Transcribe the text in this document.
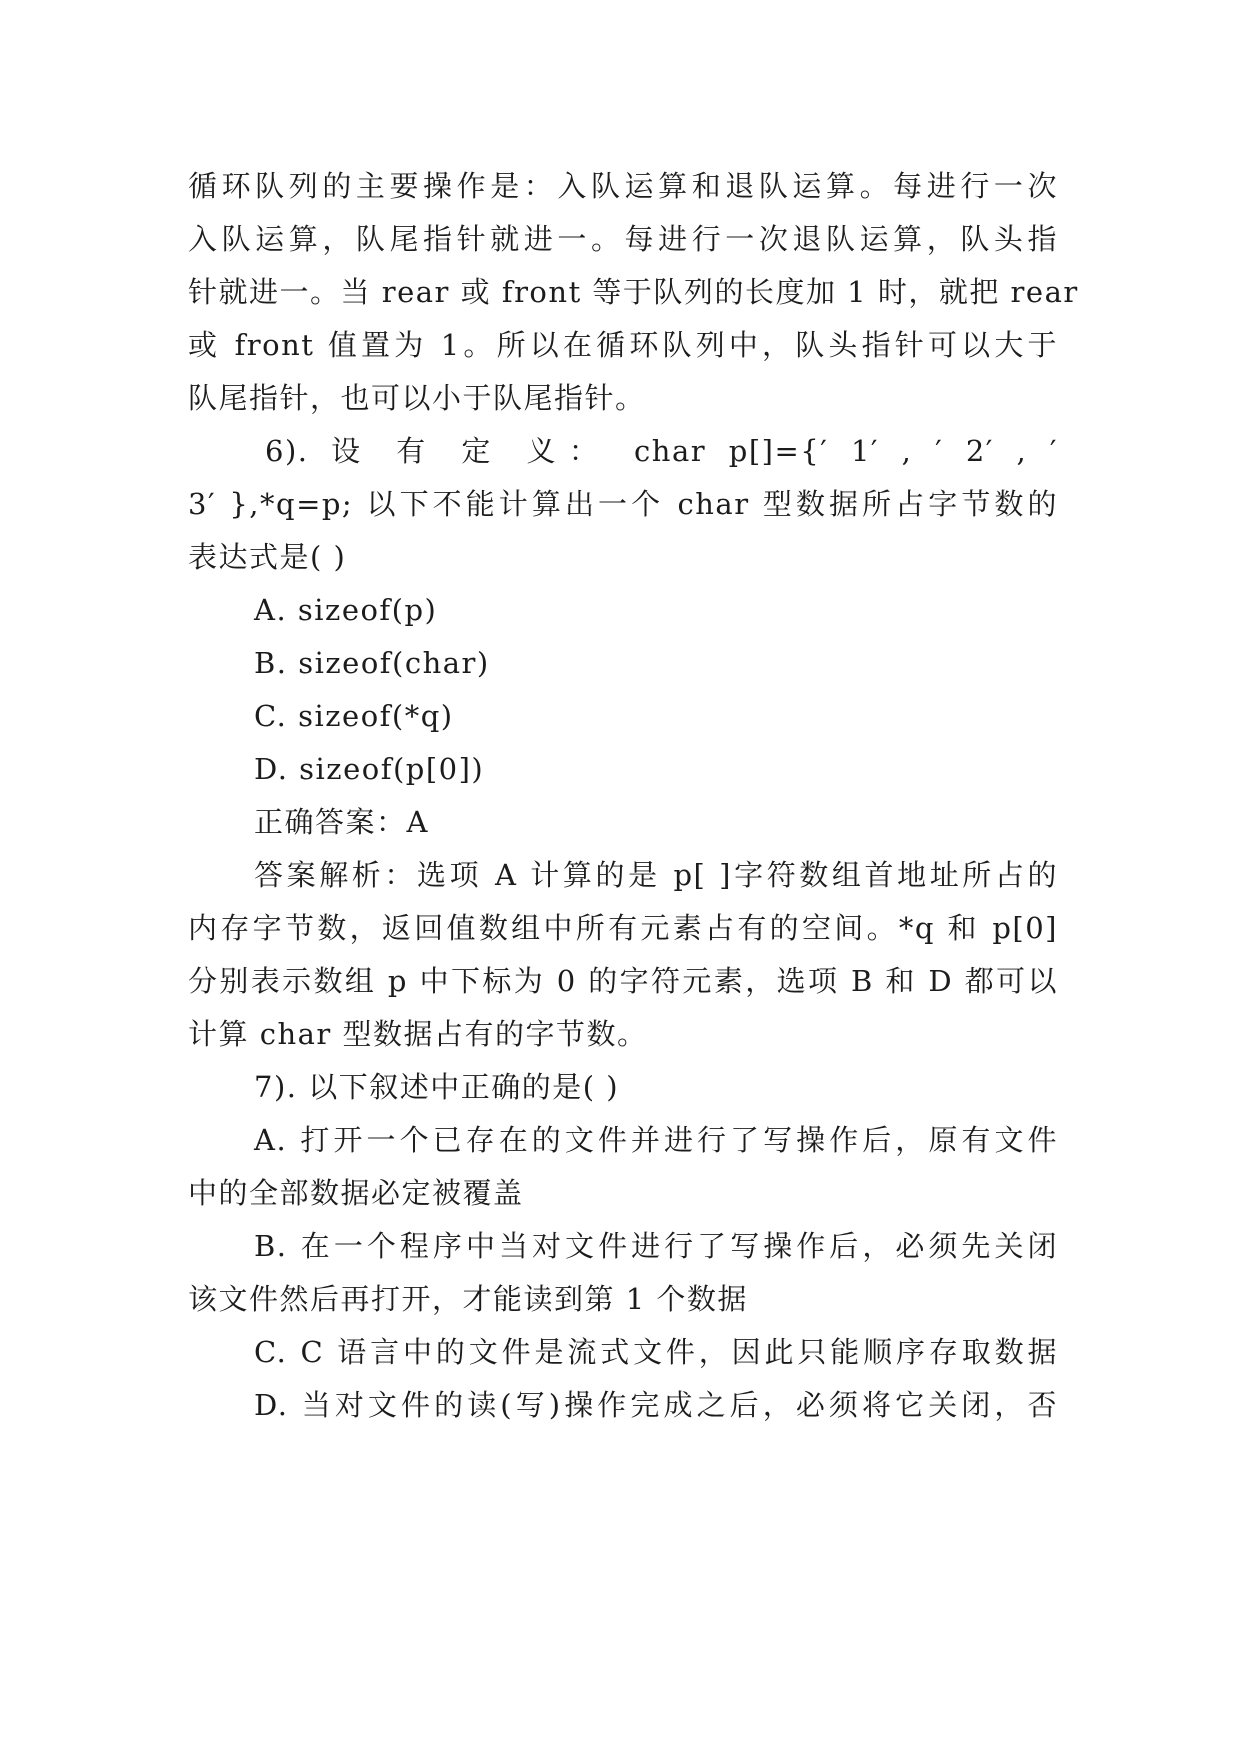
循环队列的主要操作是：入队运算和退队运算。每进行一次
入队运算，队尾指针就进一。每进行一次退队运算，队头指
针就进一。当 rear 或 front 等于队列的长度加 1 时，就把 rear
或 front 值置为 1。所以在循环队列中，队头指针可以大于
队尾指针，也可以小于队尾指针。
6). 设 有 定 义： char p[]={′ 1′ , ′ 2′ , ′
3′ },*q=p; 以下不能计算出一个 char 型数据所占字节数的
表达式是( )
A. sizeof(p)
B. sizeof(char)
C. sizeof(*q)
D. sizeof(p[0])
正确答案：A
答案解析：选项 A 计算的是 p[ ]字符数组首地址所占的
内存字节数，返回值数组中所有元素占有的空间。*q 和 p[0]
分别表示数组 p 中下标为 0 的字符元素，选项 B 和 D 都可以
计算 char 型数据占有的字节数。
7). 以下叙述中正确的是( )
A. 打开一个已存在的文件并进行了写操作后，原有文件
中的全部数据必定被覆盖
B. 在一个程序中当对文件进行了写操作后，必须先关闭
该文件然后再打开，才能读到第 1 个数据
C. C 语言中的文件是流式文件，因此只能顺序存取数据
D. 当对文件的读(写)操作完成之后，必须将它关闭，否
